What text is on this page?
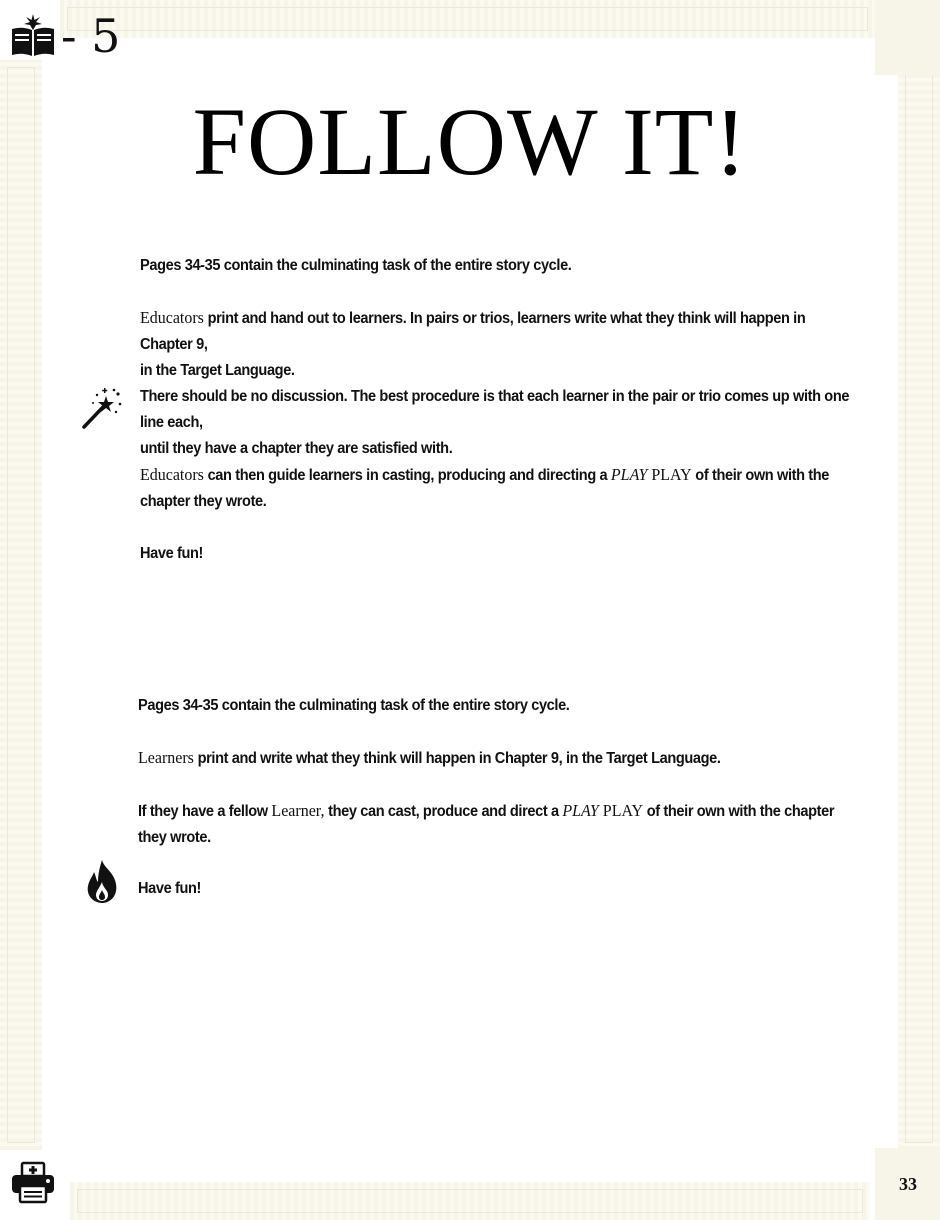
- 5
FOLLOW IT!
Pages 34-35 contain the culminating task of the entire story cycle.
Educators print and hand out to learners. In pairs or trios, learners write what they think will happen in Chapter 9,
in the Target Language.
There should be no discussion. The best procedure is that each learner in the pair or trio comes up with one line each,
until they have a chapter they are satisfied with.
Educators can then guide learners in casting, producing and directing a PLAY PLAY of their own with the
chapter they wrote.
Have fun!
Pages 34-35 contain the culminating task of the entire story cycle.
Learners print and write what they think will happen in Chapter 9, in the Target Language.
If they have a fellow Learner, they can cast, produce and direct a PLAY PLAY of their own with the chapter
they wrote.
Have fun!
33
